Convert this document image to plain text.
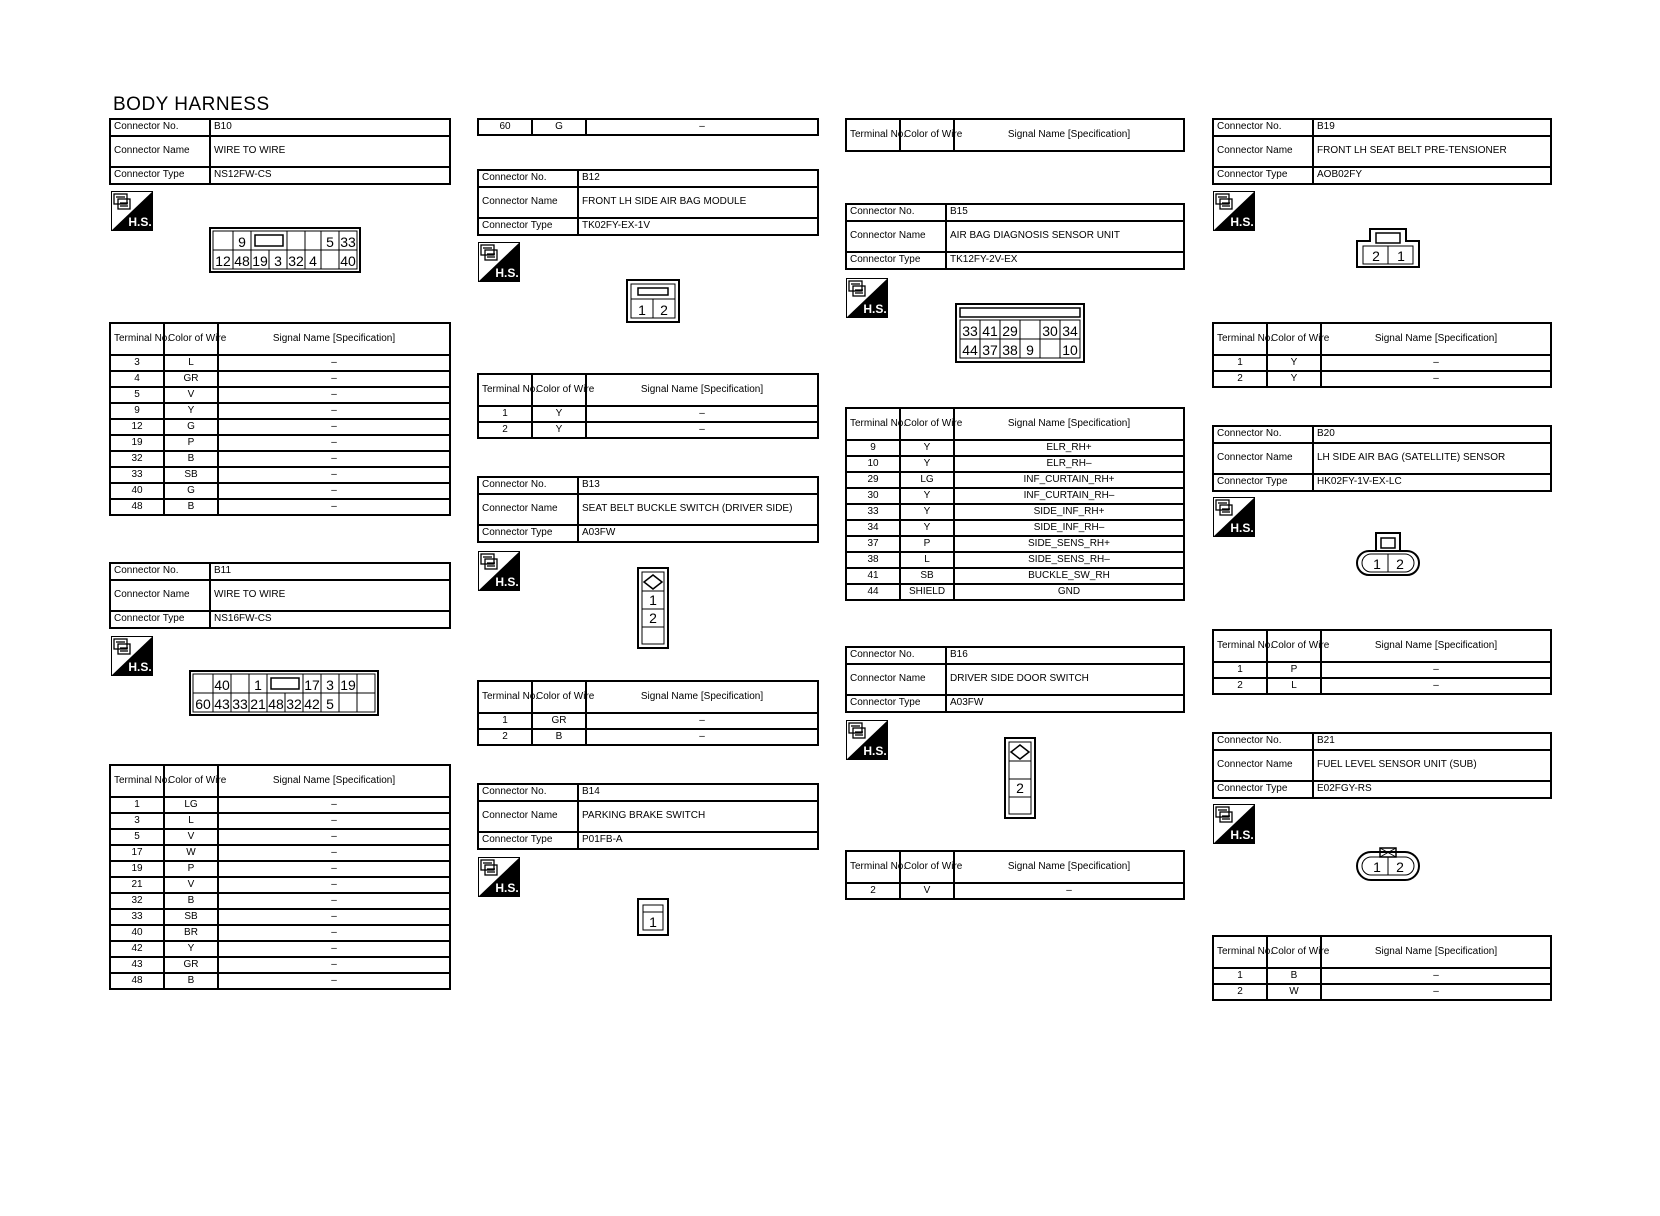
BODY HARNESS
Connector No.	B10
Connector Name	WIRE TO WIRE
Connector Type	NS12FW-CS
9	5 33
12 48 19 3 32 4 40
Terminal No.	Color of Wire	Signal Name [Specification]
3	L	–
4	GR	–
5	V	–
9	Y	–
12	G	–
19	P	–
32	B	–
33	SB	–
40	G	–
48	B	–
Connector No.	B11
Connector Name	WIRE TO WIRE
Connector Type	NS16FW-CS
40 1	17 3 19
60 43 33 21 48 32 42 5
Terminal No.	Color of Wire	Signal Name [Specification]
1	LG	–
3	L	–
5	V	–
17	W	–
19	P	–
21	V	–
32	B	–
33	SB	–
40	BR	–
42	Y	–
43	GR	–
48	B	–
60	G	–
Connector No.	B12
Connector Name	FRONT LH SIDE AIR BAG MODULE
Connector Type	TK02FY-EX-1V
1 2
Terminal No.	Color of Wire	Signal Name [Specification]
1	Y	–
2	Y	–
Connector No.	B13
Connector Name	SEAT BELT BUCKLE SWITCH (DRIVER SIDE)
Connector Type	A03FW
1
2
Terminal No.	Color of Wire	Signal Name [Specification]
1	GR	–
2	B	–
Connector No.	B14
Connector Name	PARKING BRAKE SWITCH
Connector Type	P01FB-A
1
Terminal No.	Color of Wire	Signal Name [Specification]
Connector No.	B15
Connector Name	AIR BAG DIAGNOSIS SENSOR UNIT
Connector Type	TK12FY-2V-EX
33 41 29 30 34
44 37 38 9 10
Terminal No.	Color of Wire	Signal Name [Specification]
9	Y	ELR_RH+
10	Y	ELR_RH–
29	LG	INF_CURTAIN_RH+
30	Y	INF_CURTAIN_RH–
33	Y	SIDE_INF_RH+
34	Y	SIDE_INF_RH–
37	P	SIDE_SENS_RH+
38	L	SIDE_SENS_RH–
41	SB	BUCKLE_SW_RH
44	SHIELD	GND
Connector No.	B16
Connector Name	DRIVER SIDE DOOR SWITCH
Connector Type	A03FW
2
Terminal No.	Color of Wire	Signal Name [Specification]
2	V	–
Connector No.	B19
Connector Name	FRONT LH SEAT BELT PRE-TENSIONER
Connector Type	AOB02FY
2 1
Terminal No.	Color of Wire	Signal Name [Specification]
1	Y	–
2	Y	–
Connector No.	B20
Connector Name	LH SIDE AIR BAG (SATELLITE) SENSOR
Connector Type	HK02FY-1V-EX-LC
1 2
Terminal No.	Color of Wire	Signal Name [Specification]
1	P	–
2	L	–
Connector No.	B21
Connector Name	FUEL LEVEL SENSOR UNIT (SUB)
Connector Type	E02FGY-RS
1 2
Terminal No.	Color of Wire	Signal Name [Specification]
1	B	–
2	W	–
